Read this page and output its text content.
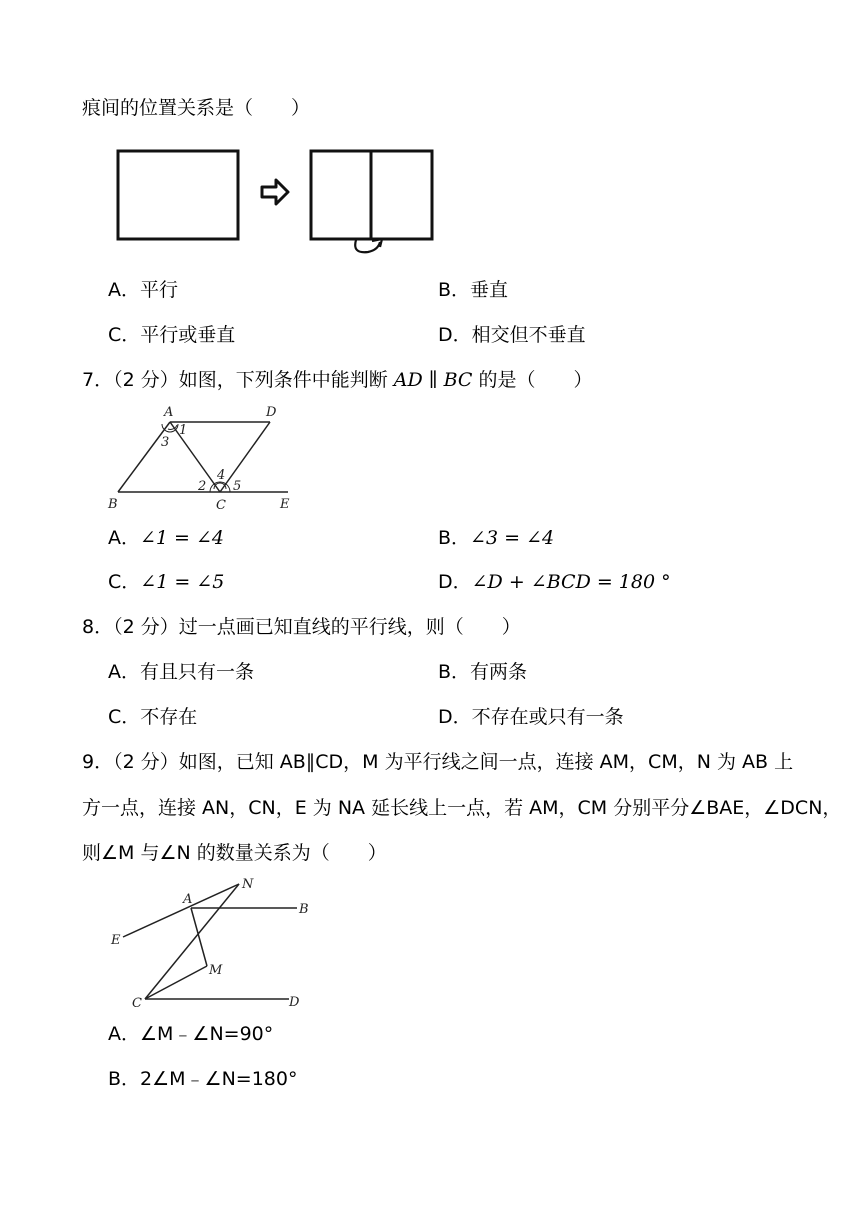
痕间的位置关系是（　　）
A．平行	B．垂直
C．平行或垂直	D．相交但不垂直
7．（2 分）如图，下列条件中能判断 AD ∥ BC 的是（　　）
A	D
B	C	E
1
3
2
4
5
A．∠1 = ∠4	B．∠3 = ∠4
C．∠1 = ∠5	D．∠D + ∠BCD = 180 °
8．（2 分）过一点画已知直线的平行线，则（　　）
A．有且只有一条	B．有两条
C．不存在	D．不存在或只有一条
9．（2 分）如图，已知 AB∥CD，M 为平行线之间一点，连接 AM，CM，N 为 AB 上
方一点，连接 AN，CN，E 为 NA 延长线上一点，若 AM，CM 分别平分∠BAE，∠DCN，
则∠M 与∠N 的数量关系为（　　）
N
A
B
E
M
C	D
A．∠M﹣∠N=90°
B．2∠M﹣∠N=180°
